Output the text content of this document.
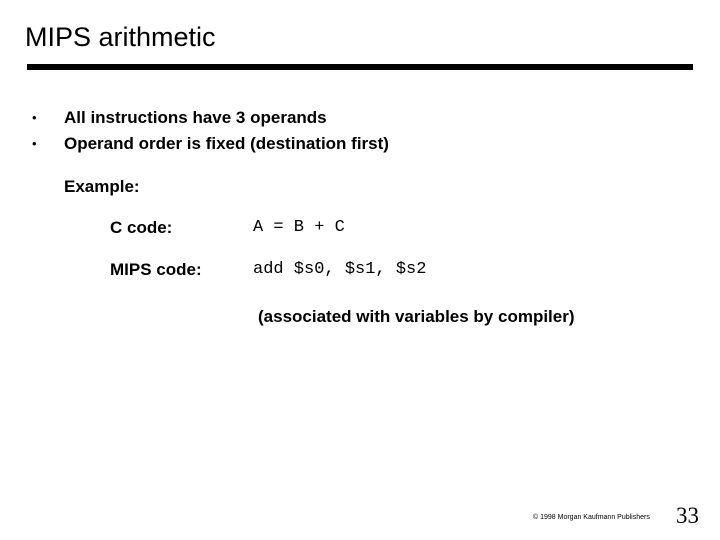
MIPS arithmetic
•	All instructions have 3 operands
•	Operand order is fixed (destination first)
Example:
C code:	A = B + C
MIPS code:	add $s0, $s1, $s2
(associated with variables by compiler)
© 1998 Morgan Kaufmann Publishers 33
